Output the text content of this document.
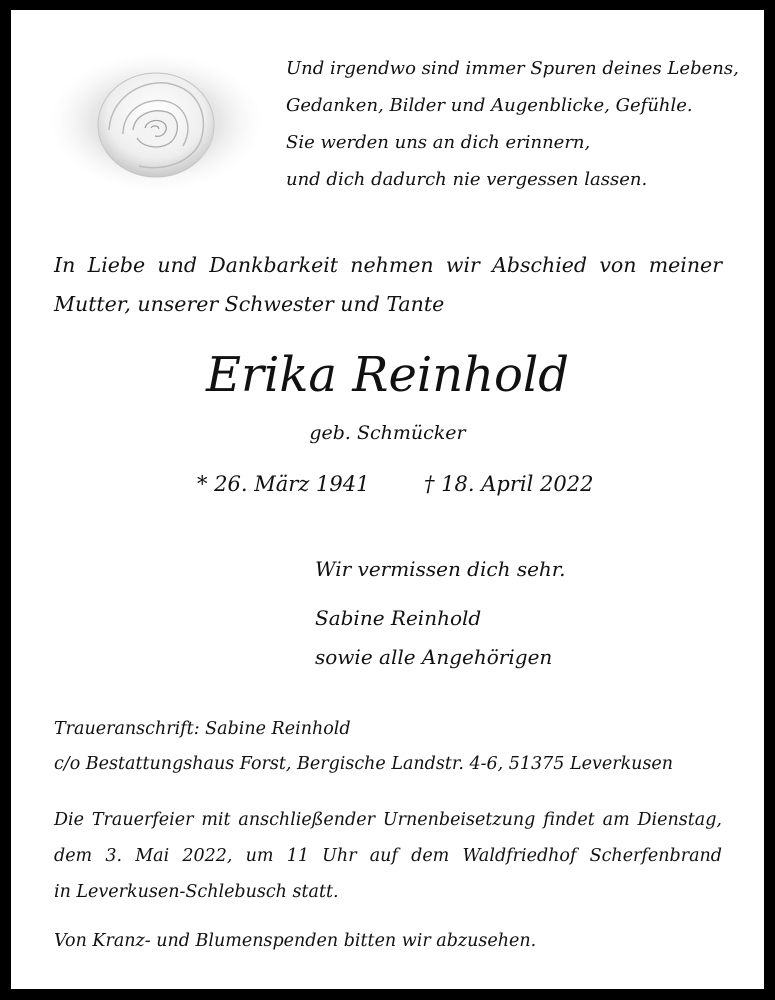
Und irgendwo sind immer Spuren deines Lebens,
Gedanken, Bilder und Augenblicke, Gefühle.
Sie werden uns an dich erinnern,
und dich dadurch nie vergessen lassen.
In Liebe und Dankbarkeit nehmen wir Abschied von meiner
Mutter, unserer Schwester und Tante
Erika Reinhold
geb. Schmücker
* 26. März 1941	† 18. April 2022
Wir vermissen dich sehr.
Sabine Reinhold
sowie alle Angehörigen
Traueranschrift: Sabine Reinhold
c/o Bestattungshaus Forst, Bergische Landstr. 4-6, 51375 Leverkusen
Die Trauerfeier mit anschließender Urnenbeisetzung findet am Dienstag,
dem 3. Mai 2022, um 11 Uhr auf dem Waldfriedhof Scherfenbrand
in Leverkusen-Schlebusch statt.
Von Kranz- und Blumenspenden bitten wir abzusehen.
